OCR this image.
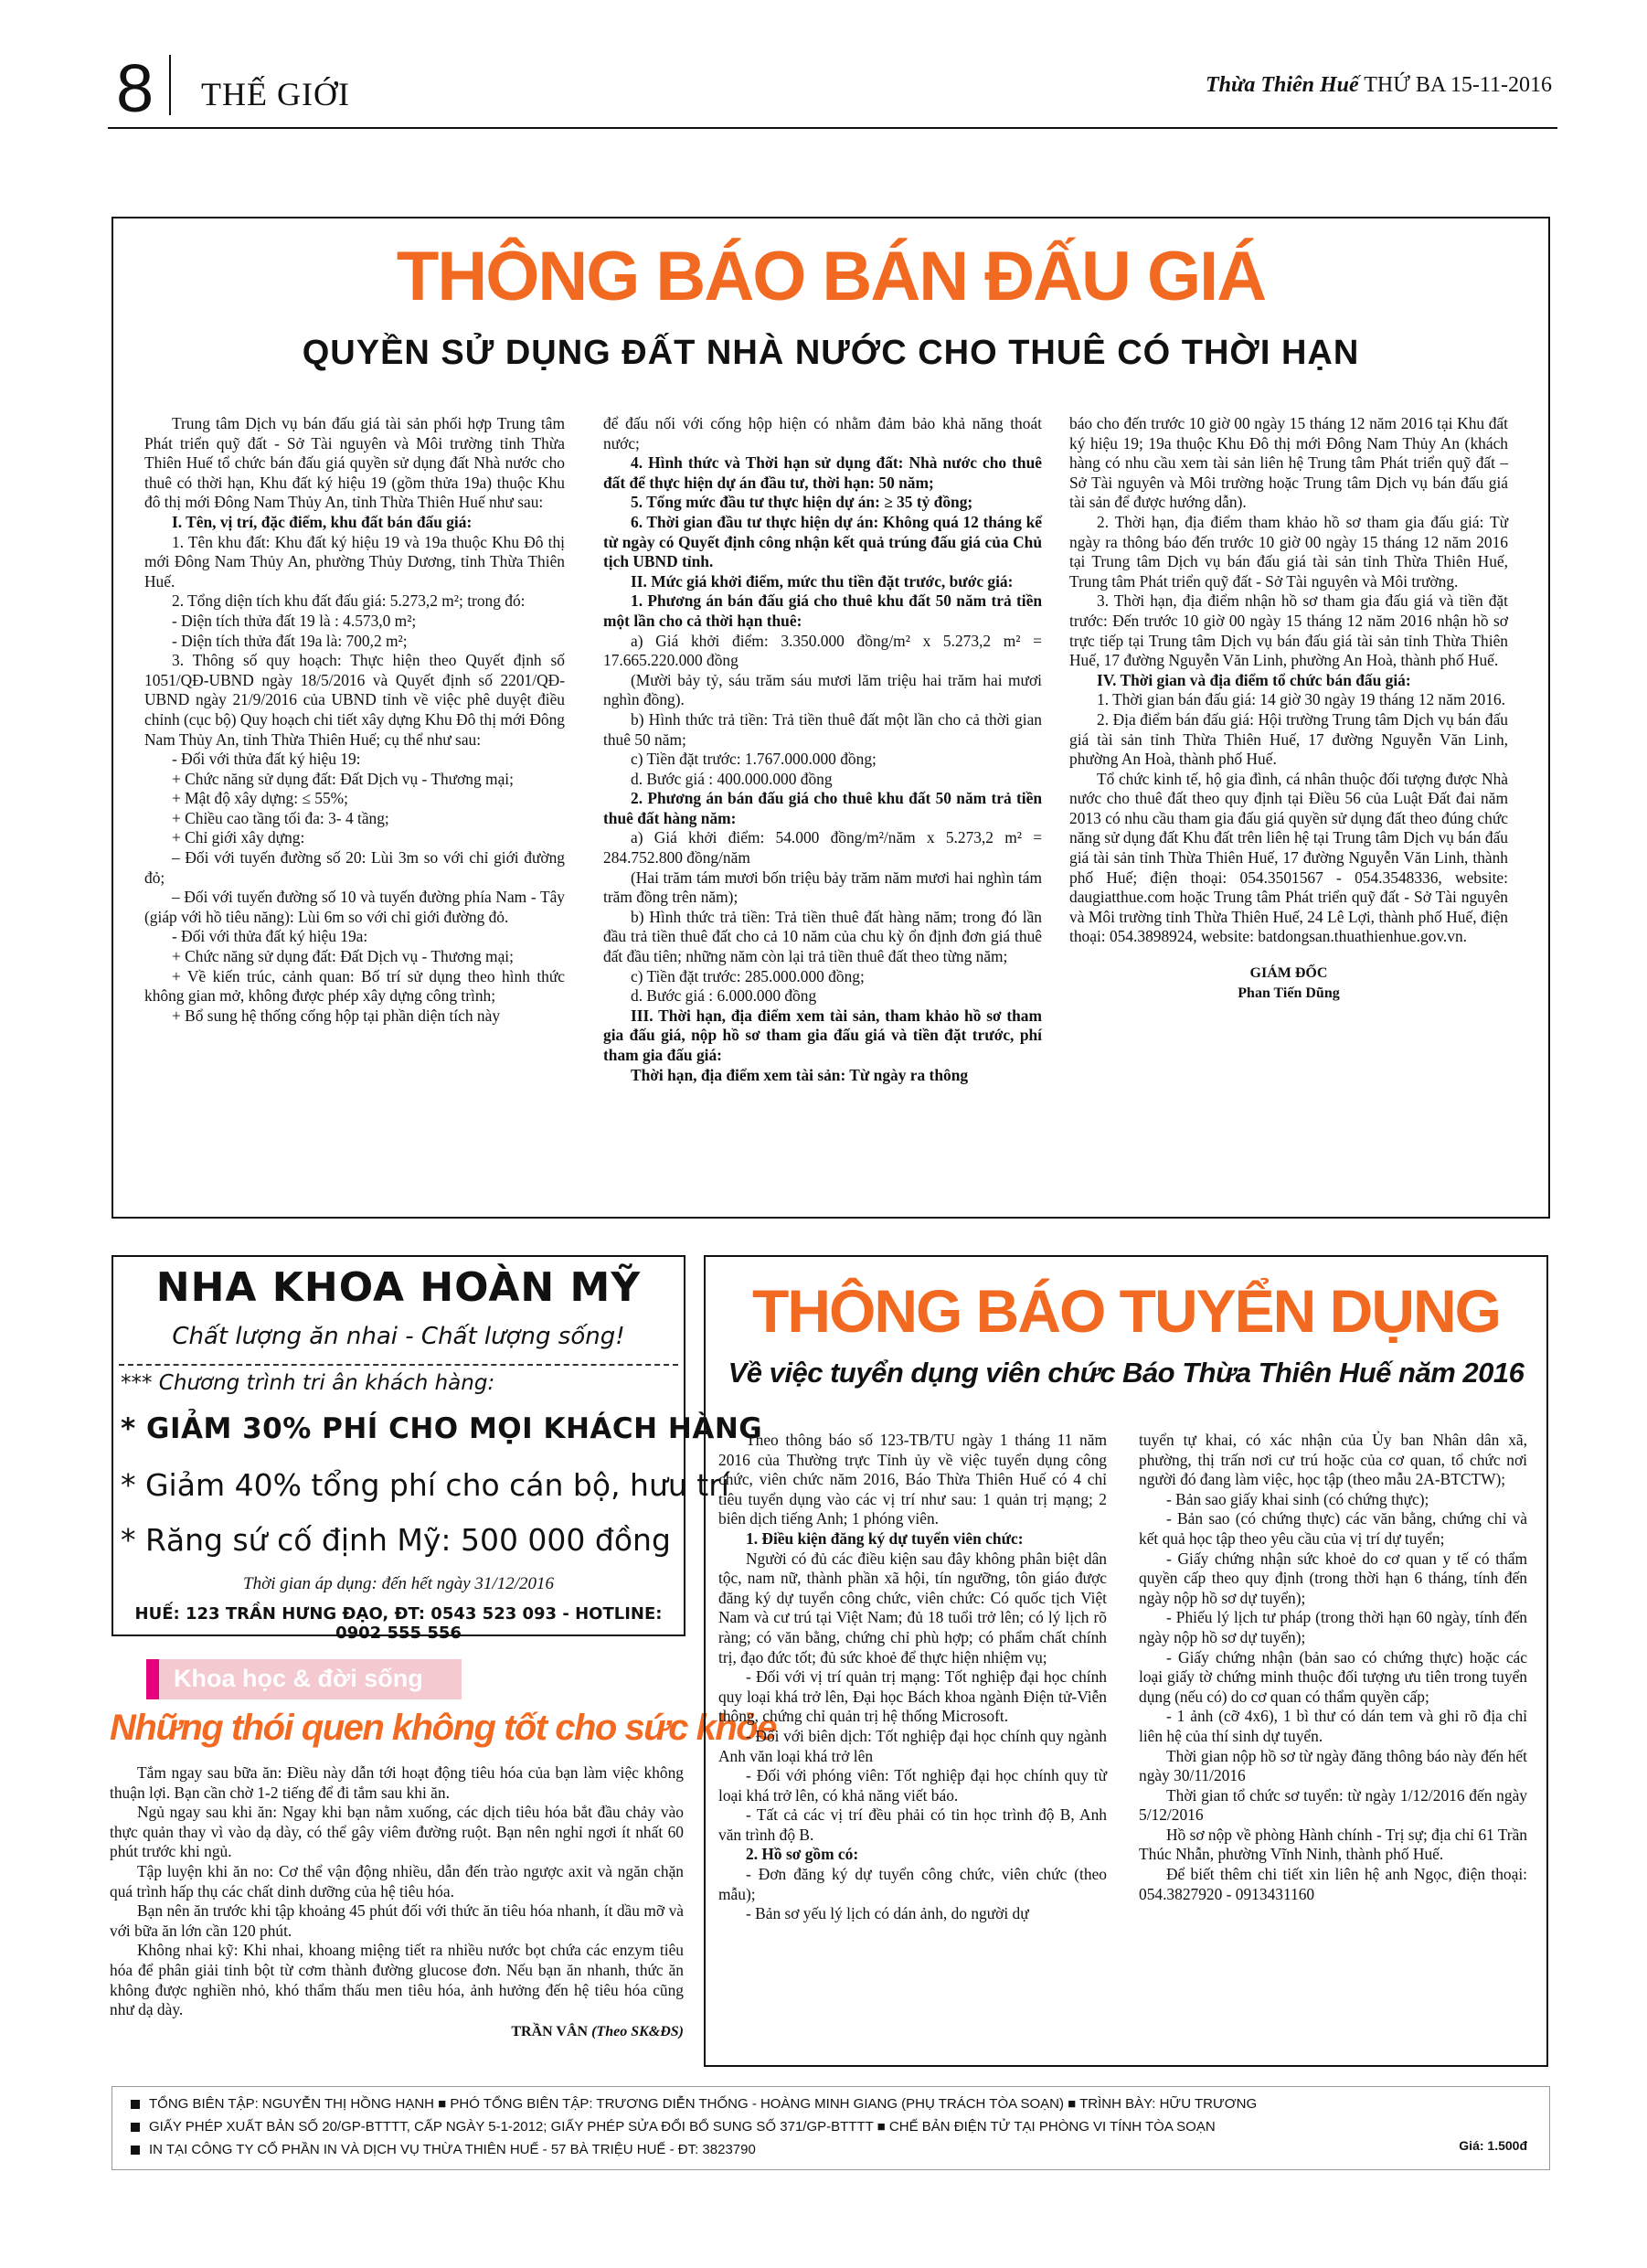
8 THẾ GIỚI	Thừa Thiên Huế THỨ BA 15-11-2016
THÔNG BÁO BÁN ĐẤU GIÁ
QUYỀN SỬ DỤNG ĐẤT NHÀ NƯỚC CHO THUÊ CÓ THỜI HẠN

Trung tâm Dịch vụ bán đấu giá tài sản phối hợp Trung tâm Phát triển quỹ đất - Sở Tài nguyên và Môi trường tỉnh Thừa Thiên Huế tổ chức bán đấu giá quyền sử dụng đất Nhà nước cho thuê có thời hạn, Khu đất ký hiệu 19 (gồm thửa 19a) thuộc Khu đô thị mới Đông Nam Thủy An, tỉnh Thừa Thiên Huế như sau:

I. Tên, vị trí, đặc điểm, khu đất bán đấu giá:

1. Tên khu đất: Khu đất ký hiệu 19 và 19a thuộc Khu Đô thị mới Đông Nam Thủy An, phường Thủy Dương, tỉnh Thừa Thiên Huế.

2. Tổng diện tích khu đất đấu giá: 5.273,2 m²; trong đó:

- Diện tích thửa đất 19 là : 4.573,0 m²;

- Diện tích thửa đất 19a là: 700,2 m²;

3. Thông số quy hoạch: Thực hiện theo Quyết định số 1051/QĐ-UBND ngày 18/5/2016 và Quyết định số 2201/QĐ-UBND ngày 21/9/2016 của UBND tỉnh về việc phê duyệt điều chỉnh (cục bộ) Quy hoạch chi tiết xây dựng Khu Đô thị mới Đông Nam Thủy An, tỉnh Thừa Thiên Huế; cụ thể như sau:

- Đối với thửa đất ký hiệu 19:

+ Chức năng sử dụng đất: Đất Dịch vụ - Thương mại;

+ Mật độ xây dựng: ≤ 55%;

+ Chiều cao tầng tối đa: 3- 4 tầng;

+ Chỉ giới xây dựng:

– Đối với tuyến đường số 20: Lùi 3m so với chỉ giới đường đỏ;

– Đối với tuyến đường số 10 và tuyến đường phía Nam - Tây (giáp với hồ tiêu năng): Lùi 6m so với chỉ giới đường đỏ.

- Đối với thửa đất ký hiệu 19a:

+ Chức năng sử dụng đất: Đất Dịch vụ - Thương mại;

+ Về kiến trúc, cảnh quan: Bố trí sử dụng theo hình thức không gian mở, không được phép xây dựng công trình;

+ Bổ sung hệ thống cống hộp tại phần diện tích này

để đấu nối với cống hộp hiện có nhằm đảm bảo khả năng thoát nước;

4. Hình thức và Thời hạn sử dụng đất: Nhà nước cho thuê đất để thực hiện dự án đầu tư, thời hạn: 50 năm;

5. Tổng mức đầu tư thực hiện dự án: ≥ 35 tỷ đồng;

6. Thời gian đầu tư thực hiện dự án: Không quá 12 tháng kể từ ngày có Quyết định công nhận kết quả trúng đấu giá của Chủ tịch UBND tỉnh.

II. Mức giá khởi điểm, mức thu tiền đặt trước, bước giá:

1. Phương án bán đấu giá cho thuê khu đất 50 năm trả tiền một lần cho cả thời hạn thuê:

a) Giá khởi điểm: 3.350.000 đồng/m² x 5.273,2 m² = 17.665.220.000 đồng

(Mười bảy tỷ, sáu trăm sáu mươi lăm triệu hai trăm hai mươi nghìn đồng).

b) Hình thức trả tiền: Trả tiền thuê đất một lần cho cả thời gian thuê 50 năm;

c) Tiền đặt trước: 1.767.000.000 đồng;

d. Bước giá : 400.000.000 đồng

2. Phương án bán đấu giá cho thuê khu đất 50 năm trả tiền thuê đất hàng năm:

a) Giá khởi điểm: 54.000 đồng/m²/năm x 5.273,2 m² = 284.752.800 đồng/năm

(Hai trăm tám mươi bốn triệu bảy trăm năm mươi hai nghìn tám trăm đồng trên năm);

b) Hình thức trả tiền: Trả tiền thuê đất hàng năm; trong đó lần đầu trả tiền thuê đất cho cả 10 năm của chu kỳ ổn định đơn giá thuê đất đầu tiên; những năm còn lại trả tiền thuê đất theo từng năm;

c) Tiền đặt trước: 285.000.000 đồng;

d. Bước giá : 6.000.000 đồng

III. Thời hạn, địa điểm xem tài sản, tham khảo hồ sơ tham gia đấu giá, nộp hồ sơ tham gia đấu giá và tiền đặt trước, phí tham gia đấu giá:

Thời hạn, địa điểm xem tài sản: Từ ngày ra thông

báo cho đến trước 10 giờ 00 ngày 15 tháng 12 năm 2016 tại Khu đất ký hiệu 19; 19a thuộc Khu Đô thị mới Đông Nam Thủy An (khách hàng có nhu cầu xem tài sản liên hệ Trung tâm Phát triển quỹ đất – Sở Tài nguyên và Môi trường hoặc Trung tâm Dịch vụ bán đấu giá tài sản để được hướng dẫn).

2. Thời hạn, địa điểm tham khảo hồ sơ tham gia đấu giá: Từ ngày ra thông báo đến trước 10 giờ 00 ngày 15 tháng 12 năm 2016 tại Trung tâm Dịch vụ bán đấu giá tài sản tỉnh Thừa Thiên Huế, Trung tâm Phát triển quỹ đất - Sở Tài nguyên và Môi trường.

3. Thời hạn, địa điểm nhận hồ sơ tham gia đấu giá và tiền đặt trước: Đến trước 10 giờ 00 ngày 15 tháng 12 năm 2016 nhận hồ sơ trực tiếp tại Trung tâm Dịch vụ bán đấu giá tài sản tỉnh Thừa Thiên Huế, 17 đường Nguyễn Văn Linh, phường An Hoà, thành phố Huế.

IV. Thời gian và địa điểm tổ chức bán đấu giá:

1. Thời gian bán đấu giá: 14 giờ 30 ngày 19 tháng 12 năm 2016.

2. Địa điểm bán đấu giá: Hội trường Trung tâm Dịch vụ bán đấu giá tài sản tỉnh Thừa Thiên Huế, 17 đường Nguyễn Văn Linh, phường An Hoà, thành phố Huế.

Tổ chức kinh tế, hộ gia đình, cá nhân thuộc đối tượng được Nhà nước cho thuê đất theo quy định tại Điều 56 của Luật Đất đai năm 2013 có nhu cầu tham gia đấu giá quyền sử dụng đất theo đúng chức năng sử dụng đất Khu đất trên liên hệ tại Trung tâm Dịch vụ bán đấu giá tài sản tỉnh Thừa Thiên Huế, 17 đường Nguyễn Văn Linh, thành phố Huế; điện thoại: 054.3501567 - 054.3548336, website: daugiatthue.com hoặc Trung tâm Phát triển quỹ đất - Sở Tài nguyên và Môi trường tỉnh Thừa Thiên Huế, 24 Lê Lợi, thành phố Huế, điện thoại: 054.3898924, website: batdongsan.thuathienhue.gov.vn.

GIÁM ĐỐC
Phan Tiến Dũng
NHA KHOA HOÀN MỸ
Chất lượng ăn nhai - Chất lượng sống!
*** Chương trình tri ân khách hàng:
* GIẢM 30% PHÍ CHO MỌI KHÁCH HÀNG
* Giảm 40% tổng phí cho cán bộ, hưu trí
* Răng sứ cố định Mỹ: 500 000 đồng
Thời gian áp dụng: đến hết ngày 31/12/2016
HUẾ: 123 TRẦN HƯNG ĐẠO, ĐT: 0543 523 093 - HOTLINE: 0902 555 556
Khoa học & đời sống
Những thói quen không tốt cho sức khỏe

Tắm ngay sau bữa ăn: Điều này dẫn tới hoạt động tiêu hóa của bạn làm việc không thuận lợi. Bạn cần chờ 1-2 tiếng để đi tắm sau khi ăn.

Ngủ ngay sau khi ăn: Ngay khi bạn nằm xuống, các dịch tiêu hóa bắt đầu chảy vào thực quản thay vì vào dạ dày, có thể gây viêm đường ruột. Bạn nên nghỉ ngơi ít nhất 60 phút trước khi ngủ.

Tập luyện khi ăn no: Cơ thể vận động nhiều, dẫn đến trào ngược axit và ngăn chặn quá trình hấp thụ các chất dinh dưỡng của hệ tiêu hóa.

Bạn nên ăn trước khi tập khoảng 45 phút đối với thức ăn tiêu hóa nhanh, ít dầu mỡ và với bữa ăn lớn cần 120 phút.

Không nhai kỹ: Khi nhai, khoang miệng tiết ra nhiều nước bọt chứa các enzym tiêu hóa để phân giải tinh bột từ cơm thành đường glucose đơn. Nếu bạn ăn nhanh, thức ăn không được nghiền nhỏ, khó thẩm thấu men tiêu hóa, ảnh hưởng đến hệ tiêu hóa cũng như dạ dày.

TRẦN VÂN (Theo SK&ĐS)
THÔNG BÁO TUYỂN DỤNG
Về việc tuyển dụng viên chức Báo Thừa Thiên Huế năm 2016

Theo thông báo số 123-TB/TU ngày 1 tháng 11 năm 2016 của Thường trực Tỉnh ủy về việc tuyển dụng công chức, viên chức năm 2016, Báo Thừa Thiên Huế có 4 chỉ tiêu tuyển dụng vào các vị trí như sau: 1 quản trị mạng; 2 biên dịch tiếng Anh; 1 phóng viên.

1. Điều kiện đăng ký dự tuyển viên chức:

Người có đủ các điều kiện sau đây không phân biệt dân tộc, nam nữ, thành phần xã hội, tín ngưỡng, tôn giáo được đăng ký dự tuyển công chức, viên chức: Có quốc tịch Việt Nam và cư trú tại Việt Nam; đủ 18 tuổi trở lên; có lý lịch rõ ràng; có văn bằng, chứng chỉ phù hợp; có phẩm chất chính trị, đạo đức tốt; đủ sức khoẻ để thực hiện nhiệm vụ;

- Đối với vị trí quản trị mạng: Tốt nghiệp đại học chính quy loại khá trở lên, Đại học Bách khoa ngành Điện tử-Viễn thông, chứng chỉ quản trị hệ thống Microsoft.

- Đối với biên dịch: Tốt nghiệp đại học chính quy ngành Anh văn loại khá trở lên

- Đối với phóng viên: Tốt nghiệp đại học chính quy từ loại khá trở lên, có khả năng viết báo.

- Tất cả các vị trí đều phải có tin học trình độ B, Anh văn trình độ B.

2. Hồ sơ gồm có:

- Đơn đăng ký dự tuyển công chức, viên chức (theo mẫu);

- Bản sơ yếu lý lịch có dán ảnh, do người dự

tuyển tự khai, có xác nhận của Ủy ban Nhân dân xã, phường, thị trấn nơi cư trú hoặc của cơ quan, tổ chức nơi người đó đang làm việc, học tập (theo mẫu 2A-BTCTW);

- Bản sao giấy khai sinh (có chứng thực);

- Bản sao (có chứng thực) các văn bằng, chứng chỉ và kết quả học tập theo yêu cầu của vị trí dự tuyển;

- Giấy chứng nhận sức khoẻ do cơ quan y tế có thẩm quyền cấp theo quy định (trong thời hạn 6 tháng, tính đến ngày nộp hồ sơ dự tuyển);

- Phiếu lý lịch tư pháp (trong thời hạn 60 ngày, tính đến ngày nộp hồ sơ dự tuyển);

- Giấy chứng nhận (bản sao có chứng thực) hoặc các loại giấy tờ chứng minh thuộc đối tượng ưu tiên trong tuyển dụng (nếu có) do cơ quan có thẩm quyền cấp;

- 1 ảnh (cỡ 4x6), 1 bì thư có dán tem và ghi rõ địa chỉ liên hệ của thí sinh dự tuyển.

Thời gian nộp hồ sơ từ ngày đăng thông báo này đến hết ngày 30/11/2016

Thời gian tổ chức sơ tuyển: từ ngày 1/12/2016 đến ngày 5/12/2016

Hồ sơ nộp về phòng Hành chính - Trị sự; địa chỉ 61 Trần Thúc Nhẫn, phường Vĩnh Ninh, thành phố Huế.

Để biết thêm chi tiết xin liên hệ anh Ngọc, điện thoại: 054.3827920 - 0913431160

TỔNG BIÊN TẬP: NGUYỄN THỊ HỒNG HẠNH ■ PHÓ TỔNG BIÊN TẬP: TRƯƠNG DIỄN THỐNG - HOÀNG MINH GIANG (PHỤ TRÁCH TÒA SOẠN) ■ TRÌNH BÀY: HỮU TRƯƠNG
GIẤY PHÉP XUẤT BẢN SỐ 20/GP-BTTTT, CẤP NGÀY 5-1-2012; GIẤY PHÉP SỬA ĐỔI BỔ SUNG SỐ 371/GP-BTTTT ■ CHẾ BẢN ĐIỆN TỬ TẠI PHÒNG VI TÍNH TÒA SOẠN
IN TẠI CÔNG TY CỔ PHẦN IN VÀ DỊCH VỤ THỪA THIÊN HUẾ - 57 BÀ TRIỆU HUẾ - ĐT: 3823790	Giá: 1.500đ
